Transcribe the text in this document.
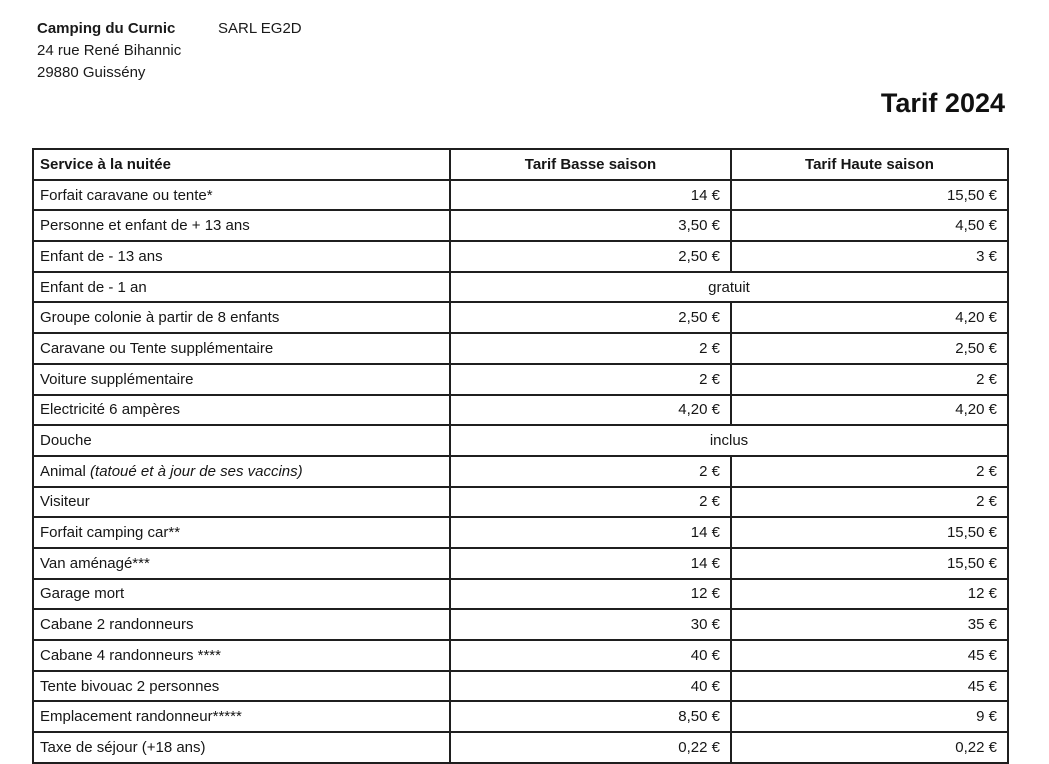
Camping du Curnic
24 rue René Bihannic
29880 Guissény
SARL EG2D
Tarif 2024
Service à la nuitée	Tarif Basse saison	Tarif Haute saison
Forfait caravane ou tente*	14 €	15,50 €
Personne et enfant de + 13 ans	3,50 €	4,50 €
Enfant de - 13 ans	2,50 €	3 €
Enfant de - 1 an	gratuit	
Groupe colonie à partir de 8 enfants	2,50 €	4,20 €
Caravane ou Tente supplémentaire	2 €	2,50 €
Voiture supplémentaire	2 €	2 €
Electricité 6 ampères	4,20 €	4,20 €
Douche	inclus	
Animal (tatoué et à jour de ses vaccins)	2 €	2 €
Visiteur	2 €	2 €
Forfait camping car**	14 €	15,50 €
Van aménagé***	14 €	15,50 €
Garage mort	12 €	12 €
Cabane 2 randonneurs	30 €	35 €
Cabane 4 randonneurs ****	40 €	45 €
Tente bivouac 2 personnes	40 €	45 €
Emplacement randonneur*****	8,50 €	9 €
Taxe de séjour (+18 ans)	0,22 €	0,22 €
